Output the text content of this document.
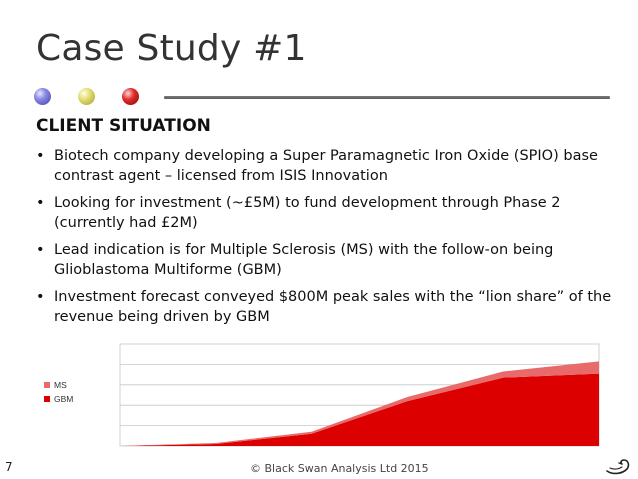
Case Study #1
CLIENT SITUATION
• Biotech company developing a Super Paramagnetic Iron Oxide (SPIO) base contrast agent – licensed from ISIS Innovation
• Looking for investment (~£5M) to fund development through Phase 2 (currently had £2M)
• Lead indication is for Multiple Sclerosis (MS) with the follow-on being Glioblastoma Multiforme (GBM)
• Investment forecast conveyed $800M peak sales with the “lion share” of the revenue being driven by GBM
MS
GBM
7	© Black Swan Analysis Ltd 2015
